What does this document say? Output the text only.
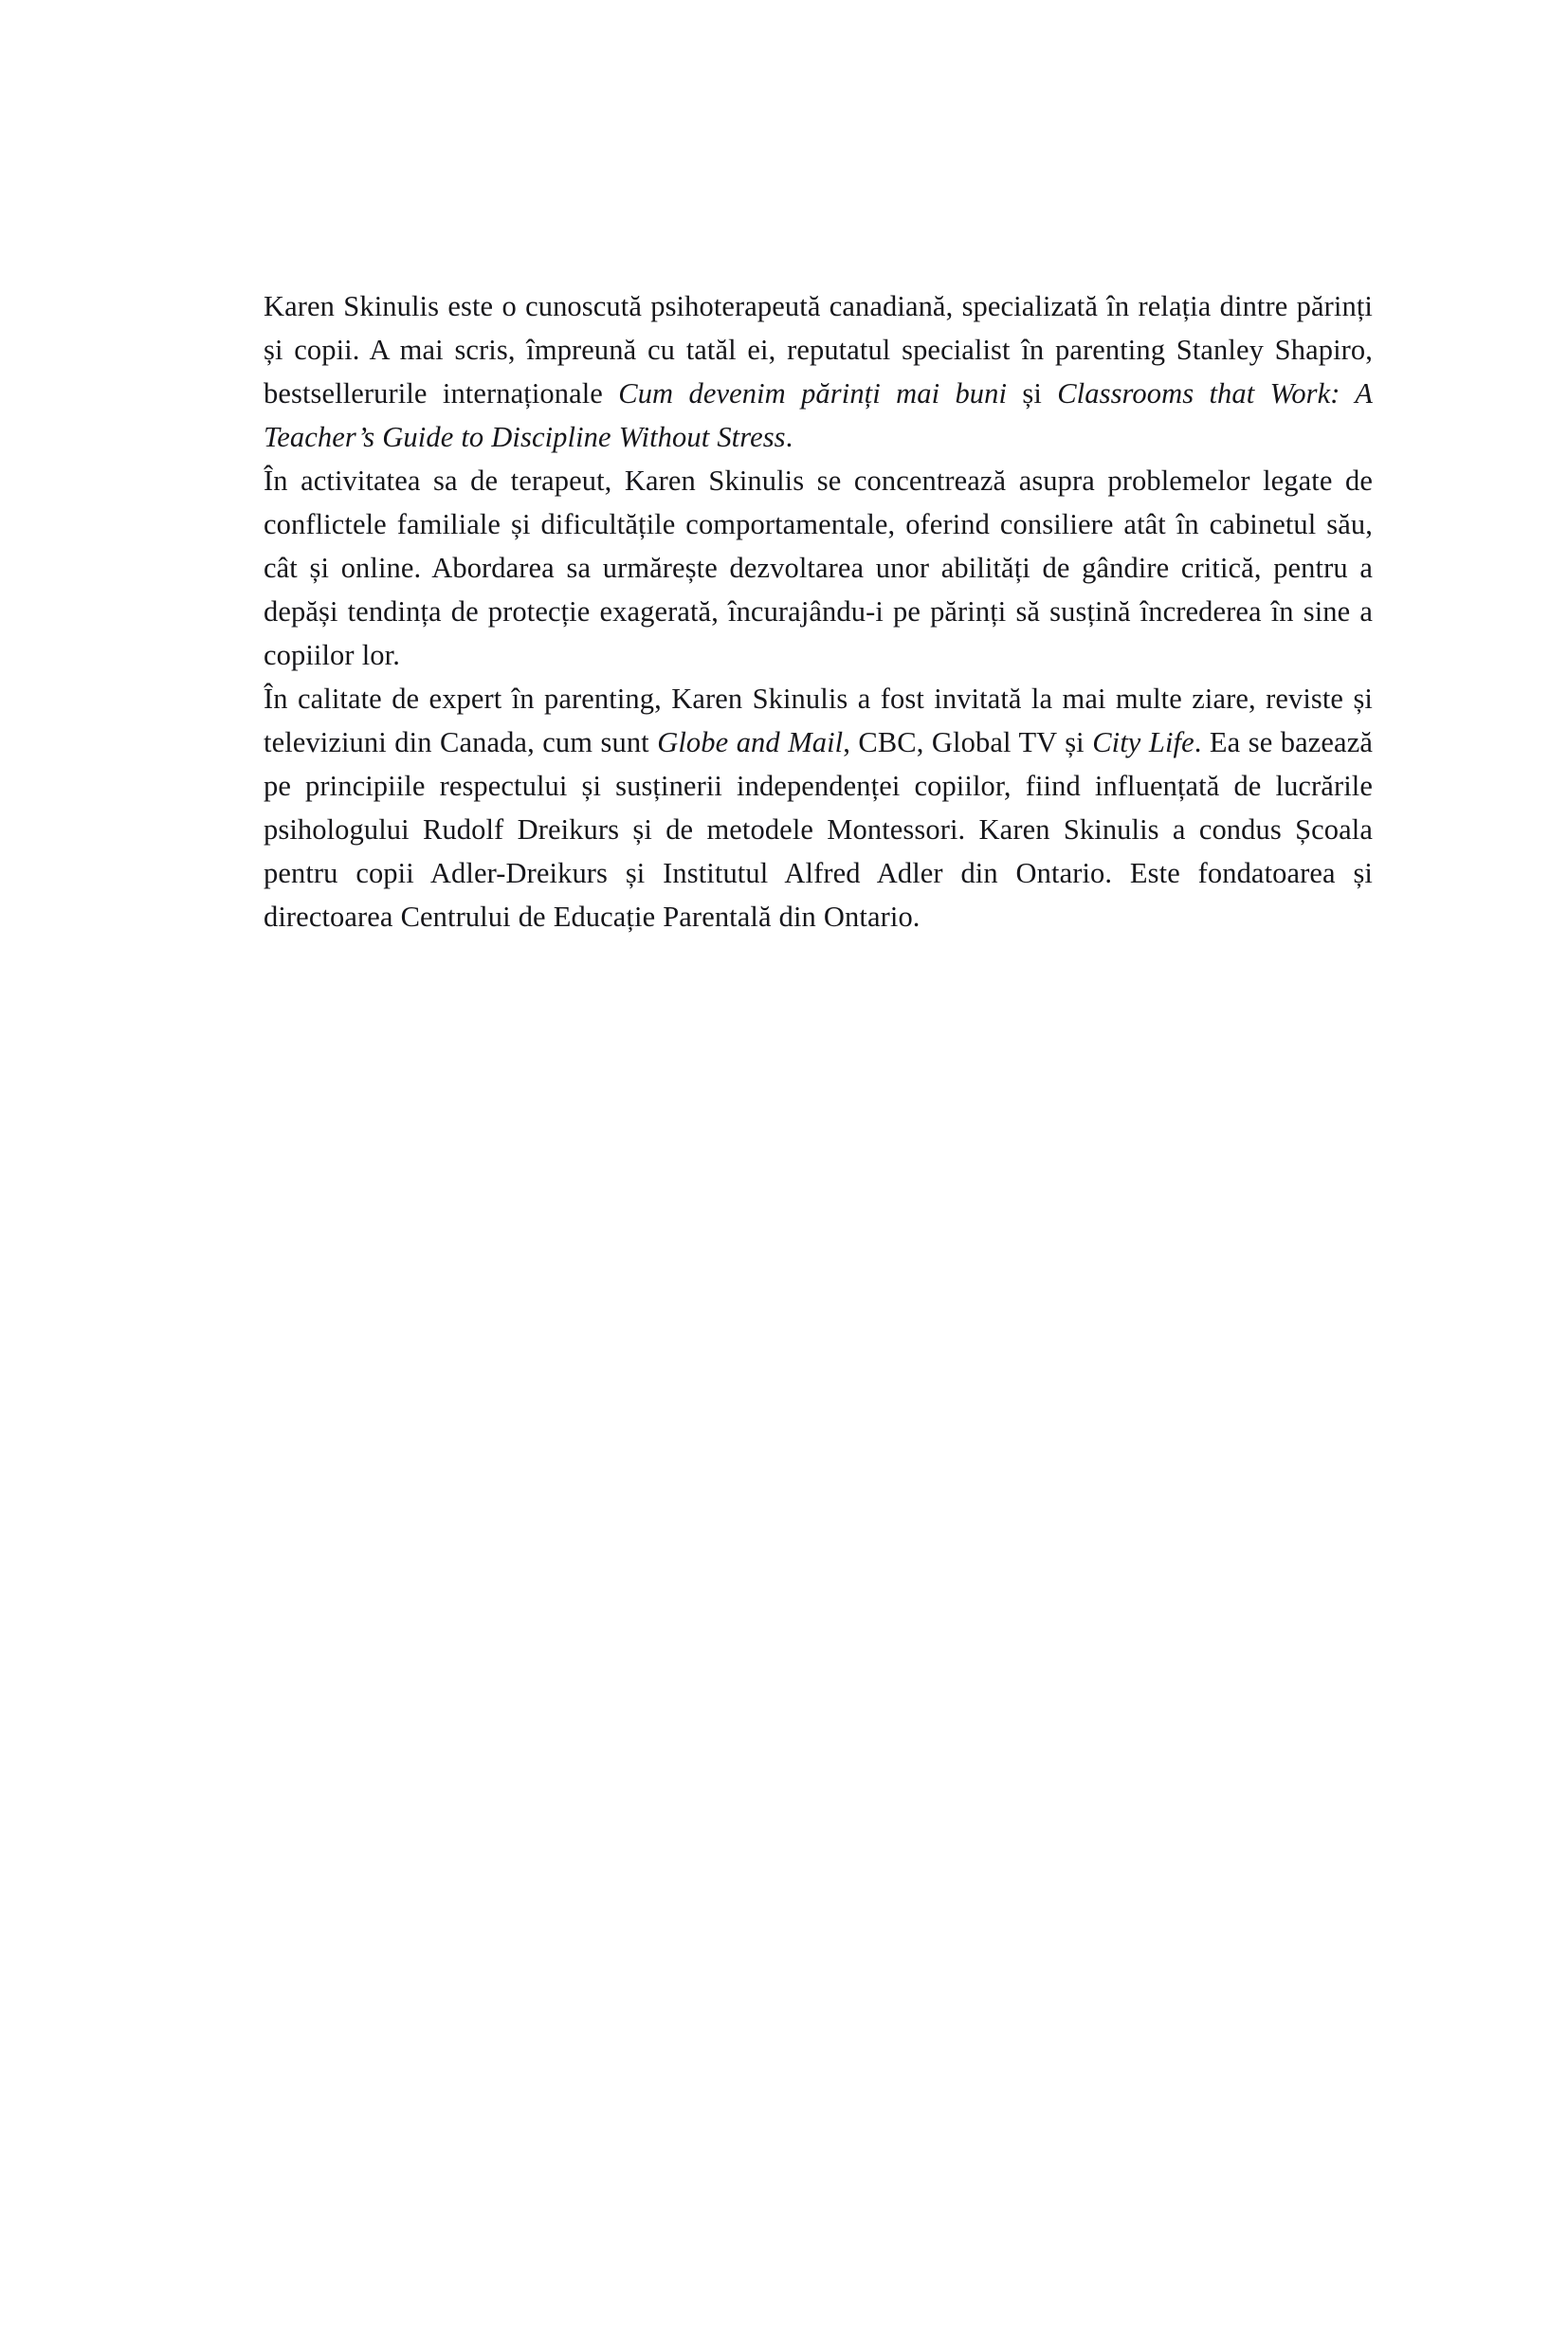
Karen Skinulis este o cunoscută psihoterapeută canadiană, specializată în relația dintre părinți și copii. A mai scris, împreună cu tatăl ei, reputatul specialist în parenting Stanley Shapiro, bestsellerurile internaționale Cum devenim părinți mai buni și Classrooms that Work: A Teacher’s Guide to Discipline Without Stress.

În activitatea sa de terapeut, Karen Skinulis se concentrează asupra problemelor legate de conflictele familiale și dificultățile comportamentale, oferind consiliere atât în cabinetul său, cât și online. Abordarea sa urmărește dezvoltarea unor abilități de gândire critică, pentru a depăși tendința de protecție exagerată, încurajându-i pe părinți să susțină încrederea în sine a copiilor lor.

În calitate de expert în parenting, Karen Skinulis a fost invitată la mai multe ziare, reviste și televiziuni din Canada, cum sunt Globe and Mail, CBC, Global TV și City Life. Ea se bazează pe principiile respectului și susținerii independenței copiilor, fiind influențată de lucrările psihologului Rudolf Dreikurs și de metodele Montessori. Karen Skinulis a condus Școala pentru copii Adler-Dreikurs și Institutul Alfred Adler din Ontario. Este fondatoarea și directoarea Centrului de Educație Parentală din Ontario.
